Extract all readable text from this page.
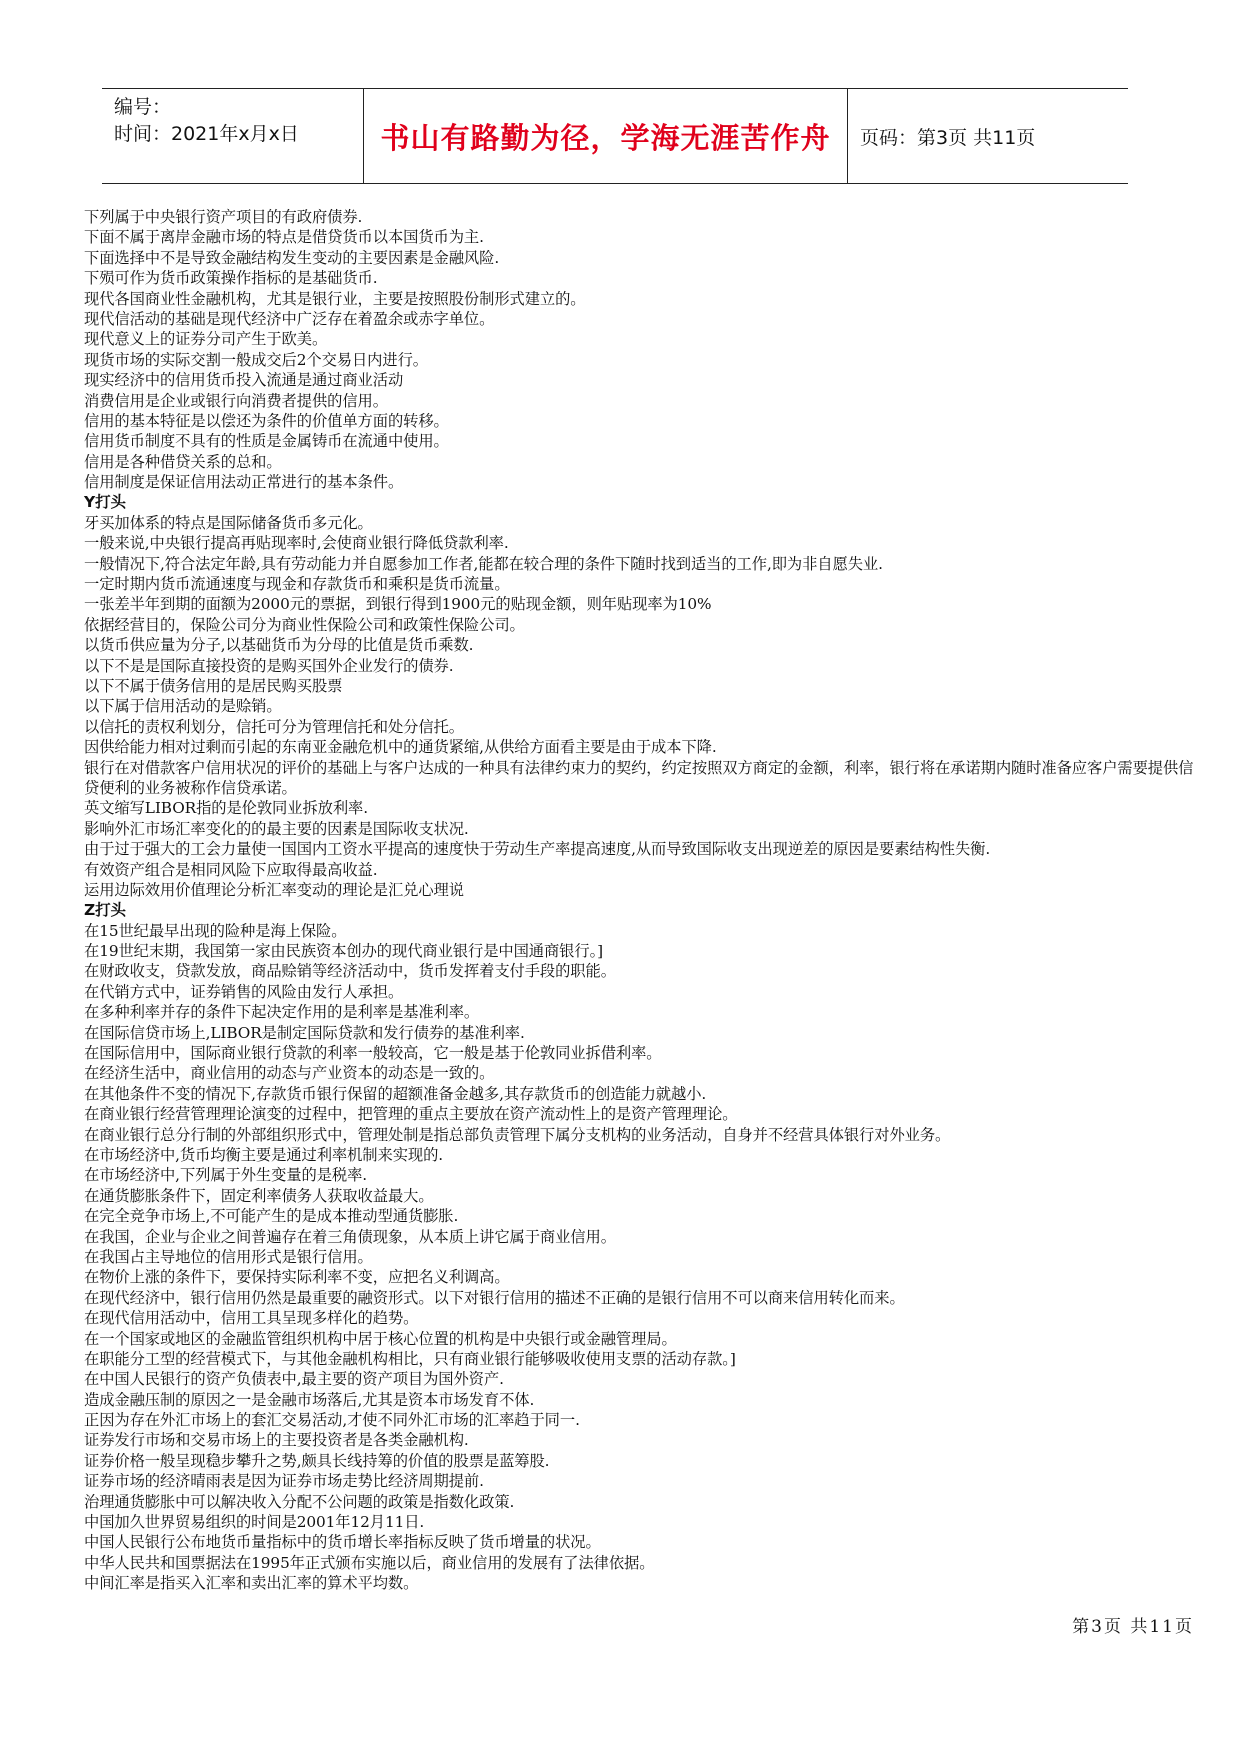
编号：
时间：2021年x月x日	书山有路勤为径，学海无涯苦作舟	页码：第3页 共11页
下列属于中央银行资产项目的有政府债券.
下面不属于离岸金融市场的特点是借贷货币以本国货币为主.
下面选择中不是导致金融结构发生变动的主要因素是金融风险.
下殒可作为货币政策操作指标的是基础货币.
现代各国商业性金融机构，尤其是银行业，主要是按照股份制形式建立的。
现代信活动的基础是现代经济中广泛存在着盈余或赤字单位。
现代意义上的证券分司产生于欧美。
现货市场的实际交割一般成交后2个交易日内进行。
现实经济中的信用货币投入流通是通过商业活动
消费信用是企业或银行向消费者提供的信用。
信用的基本特征是以偿还为条件的价值单方面的转移。
信用货币制度不具有的性质是金属铸币在流通中使用。
信用是各种借贷关系的总和。
信用制度是保证信用法动正常进行的基本条件。
Y打头
牙买加体系的特点是国际储备货币多元化。
一般来说,中央银行提高再贴现率时,会使商业银行降低贷款利率.
一般情况下,符合法定年龄,具有劳动能力并自愿参加工作者,能都在较合理的条件下随时找到适当的工作,即为非自愿失业.
一定时期内货币流通速度与现金和存款货币和乘积是货币流量。
一张差半年到期的面额为2000元的票据，到银行得到1900元的贴现金额，则年贴现率为10%
依据经营目的，保险公司分为商业性保险公司和政策性保险公司。
以货币供应量为分子,以基础货币为分母的比值是货币乘数.
以下不是是国际直接投资的是购买国外企业发行的债券.
以下不属于债务信用的是居民购买股票
以下属于信用活动的是赊销。
以信托的责权利划分，信托可分为管理信托和处分信托。
因供给能力相对过剩而引起的东南亚金融危机中的通货紧缩,从供给方面看主要是由于成本下降.
银行在对借款客户信用状况的评价的基础上与客户达成的一种具有法律约束力的契约，约定按照双方商定的金额，利率，银行将在承诺期内随时准备应客户需要提供信贷便利的业务被称作信贷承诺。
英文缩写LIBOR指的是伦敦同业拆放利率.
影响外汇市场汇率变化的的最主要的因素是国际收支状况.
由于过于强大的工会力量使一国国内工资水平提高的速度快于劳动生产率提高速度,从而导致国际收支出现逆差的原因是要素结构性失衡.
有效资产组合是相同风险下应取得最高收益.
运用边际效用价值理论分析汇率变动的理论是汇兑心理说
Z打头
在15世纪最早出现的险种是海上保险。
在19世纪末期，我国第一家由民族资本创办的现代商业银行是中国通商银行。]
在财政收支，贷款发放，商品赊销等经济活动中，货币发挥着支付手段的职能。
在代销方式中，证券销售的风险由发行人承担。
在多种利率并存的条件下起决定作用的是利率是基准利率。
在国际信贷市场上,LIBOR是制定国际贷款和发行债券的基准利率.
在国际信用中，国际商业银行贷款的利率一般较高，它一般是基于伦敦同业拆借利率。
在经济生活中，商业信用的动态与产业资本的动态是一致的。
在其他条件不变的情况下,存款货币银行保留的超额准备金越多,其存款货币的创造能力就越小.
在商业银行经营管理理论演变的过程中，把管理的重点主要放在资产流动性上的是资产管理理论。
在商业银行总分行制的外部组织形式中，管理处制是指总部负责管理下属分支机构的业务活动，自身并不经营具体银行对外业务。
在市场经济中,货币均衡主要是通过利率机制来实现的.
在市场经济中,下列属于外生变量的是税率.
在通货膨胀条件下，固定利率债务人获取收益最大。
在完全竞争市场上,不可能产生的是成本推动型通货膨胀.
在我国，企业与企业之间普遍存在着三角债现象，从本质上讲它属于商业信用。
在我国占主导地位的信用形式是银行信用。
在物价上涨的条件下，要保持实际利率不变，应把名义利调高。
在现代经济中，银行信用仍然是最重要的融资形式。以下对银行信用的描述不正确的是银行信用不可以商来信用转化而来。
在现代信用活动中，信用工具呈现多样化的趋势。
在一个国家或地区的金融监管组织机构中居于核心位置的机构是中央银行或金融管理局。
在职能分工型的经营模式下，与其他金融机构相比，只有商业银行能够吸收使用支票的活动存款。]
在中国人民银行的资产负债表中,最主要的资产项目为国外资产.
造成金融压制的原因之一是金融市场落后,尤其是资本市场发育不体.
正因为存在外汇市场上的套汇交易活动,才使不同外汇市场的汇率趋于同一.
证券发行市场和交易市场上的主要投资者是各类金融机构.
证券价格一般呈现稳步攀升之势,颇具长线持筹的价值的股票是蓝筹股.
证券市场的经济晴雨表是因为证券市场走势比经济周期提前.
治理通货膨胀中可以解决收入分配不公问题的政策是指数化政策.
中国加久世界贸易组织的时间是2001年12月11日.
中国人民银行公布地货币量指标中的货币增长率指标反映了货币增量的状况。
中华人民共和国票据法在1995年正式颁布实施以后，商业信用的发展有了法律依据。
中间汇率是指买入汇率和卖出汇率的算术平均数。
第3页 共11页
